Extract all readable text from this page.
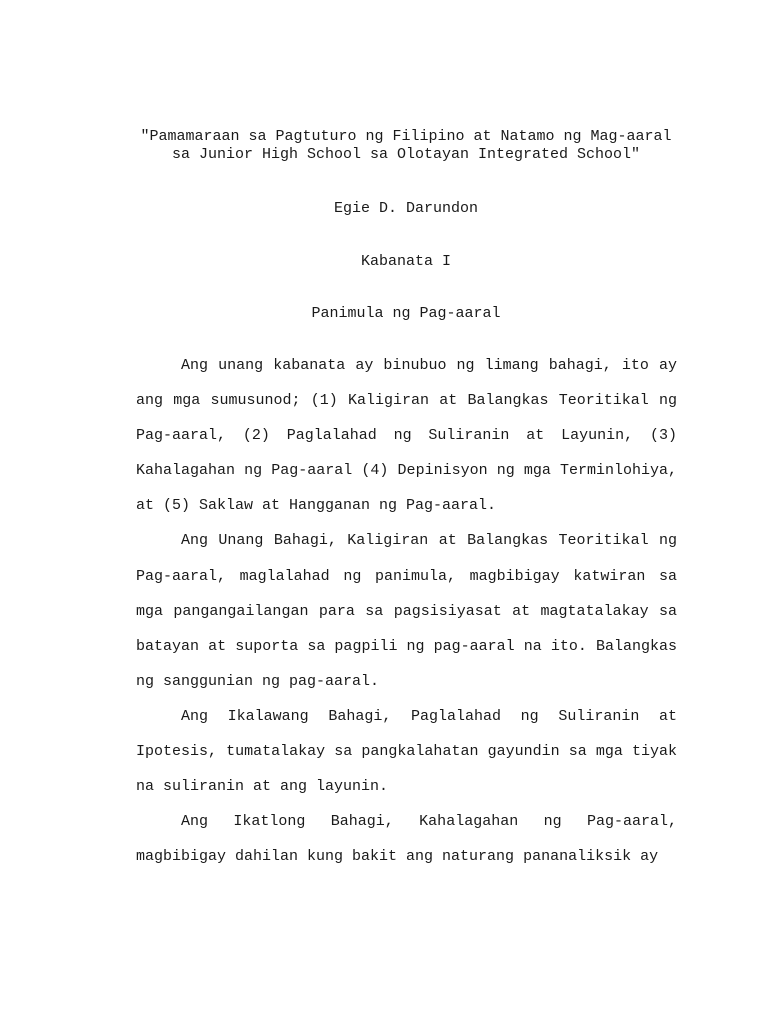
"Pamamaraan sa Pagtuturo ng Filipino at Natamo ng Mag-aaral
sa Junior High School sa Olotayan Integrated School"
Egie D. Darundon
Kabanata I
Panimula ng Pag-aaral

Ang unang kabanata ay binubuo ng limang bahagi, ito ay ang mga sumusunod; (1) Kaligiran at Balangkas Teoritikal ng Pag-aaral, (2) Paglalahad ng Suliranin at Layunin, (3) Kahalagahan ng Pag-aaral (4) Depinisyon ng mga Terminlohiya, at (5) Saklaw at Hangganan ng Pag-aaral.

Ang Unang Bahagi, Kaligiran at Balangkas Teoritikal ng Pag-aaral, maglalahad ng panimula, magbibigay katwiran sa mga pangangailangan para sa pagsisiyasat at magtatalakay sa batayan at suporta sa pagpili ng pag-aaral na ito. Balangkas ng sanggunian ng pag-aaral.

Ang Ikalawang Bahagi, Paglalahad ng Suliranin at Ipotesis, tumatalakay sa pangkalahatan gayundin sa mga tiyak na suliranin at ang layunin.

Ang Ikatlong Bahagi, Kahalagahan ng Pag-aaral, magbibigay dahilan kung bakit ang naturang pananaliksik ay
